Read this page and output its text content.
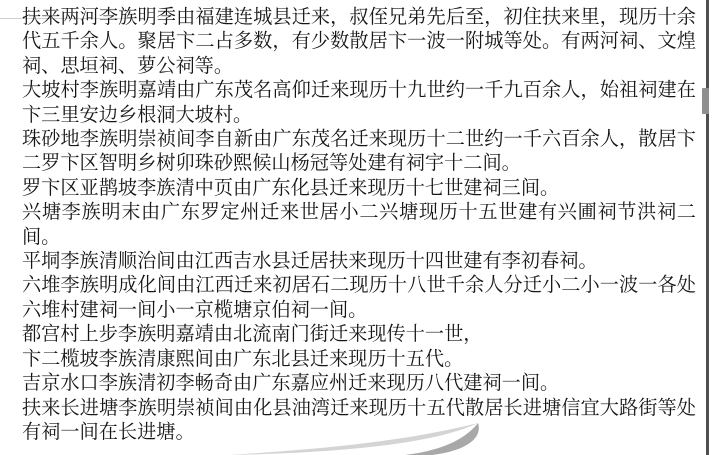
扶来两河李族明季由福建连城县迁来，叔侄兄弟先后至，初住扶来里，现历十余代五千余人。聚居卞二占多数，有少数散居卞一波一附城等处。有两河祠、文煌祠、思垣祠、萝公祠等。

大坡村李族明嘉靖由广东茂名高仰迁来现历十九世约一千九百余人，始祖祠建在卞三里安边乡根洞大坡村。

珠砂地李族明崇祯间李自新由广东茂名迁来现历十二世约一千六百余人，散居卞二罗卞区智明乡树卯珠砂熙候山杨冠等处建有祠宇十二间。

罗卞区亚鹊坡李族清中页由广东化县迁来现历十七世建祠三间。

兴塘李族明末由广东罗定州迁来世居小二兴塘现历十五世建有兴圃祠节洪祠二间。

平垌李族清顺治间由江西吉水县迁居扶来现历十四世建有李初春祠。

六堆李族明成化间由江西迁来初居石二现历十八世千余人分迁小二小一波一各处六堆村建祠一间小一京榄塘京伯祠一间。

都宫村上步李族明嘉靖由北流南门街迁来现传十一世，

卞二榄坡李族清康熙间由广东北县迁来现历十五代。

吉京水口李族清初李畅奇由广东嘉应州迁来现历八代建祠一间。

扶来长进塘李族明崇祯间由化县油湾迁来现历十五代散居长进塘信宜大路街等处有祠一间在长进塘。
